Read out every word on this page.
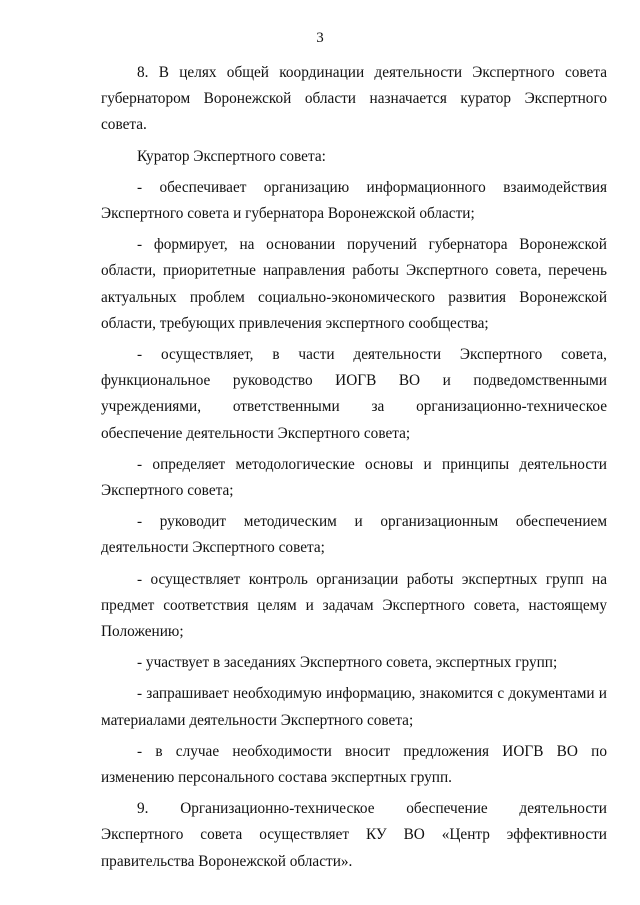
3

8. В целях общей координации деятельности Экспертного совета губернатором Воронежской области назначается куратор Экспертного совета.

Куратор Экспертного совета:

- обеспечивает организацию информационного взаимодействия Экспертного совета и губернатора Воронежской области;

- формирует, на основании поручений губернатора Воронежской области, приоритетные направления работы Экспертного совета, перечень актуальных проблем социально-экономического развития Воронежской области, требующих привлечения экспертного сообщества;

- осуществляет, в части деятельности Экспертного совета, функциональное руководство ИОГВ ВО и подведомственными учреждениями, ответственными за организационно-техническое обеспечение деятельности Экспертного совета;

- определяет методологические основы и принципы деятельности Экспертного совета;

- руководит методическим и организационным обеспечением деятельности Экспертного совета;

- осуществляет контроль организации работы экспертных групп на предмет соответствия целям и задачам Экспертного совета, настоящему Положению;

- участвует в заседаниях Экспертного совета, экспертных групп;

- запрашивает необходимую информацию, знакомится с документами и материалами деятельности Экспертного совета;

- в случае необходимости вносит предложения ИОГВ ВО по изменению персонального состава экспертных групп.

9. Организационно-техническое обеспечение деятельности Экспертного совета осуществляет КУ ВО «Центр эффективности правительства Воронежской области».
